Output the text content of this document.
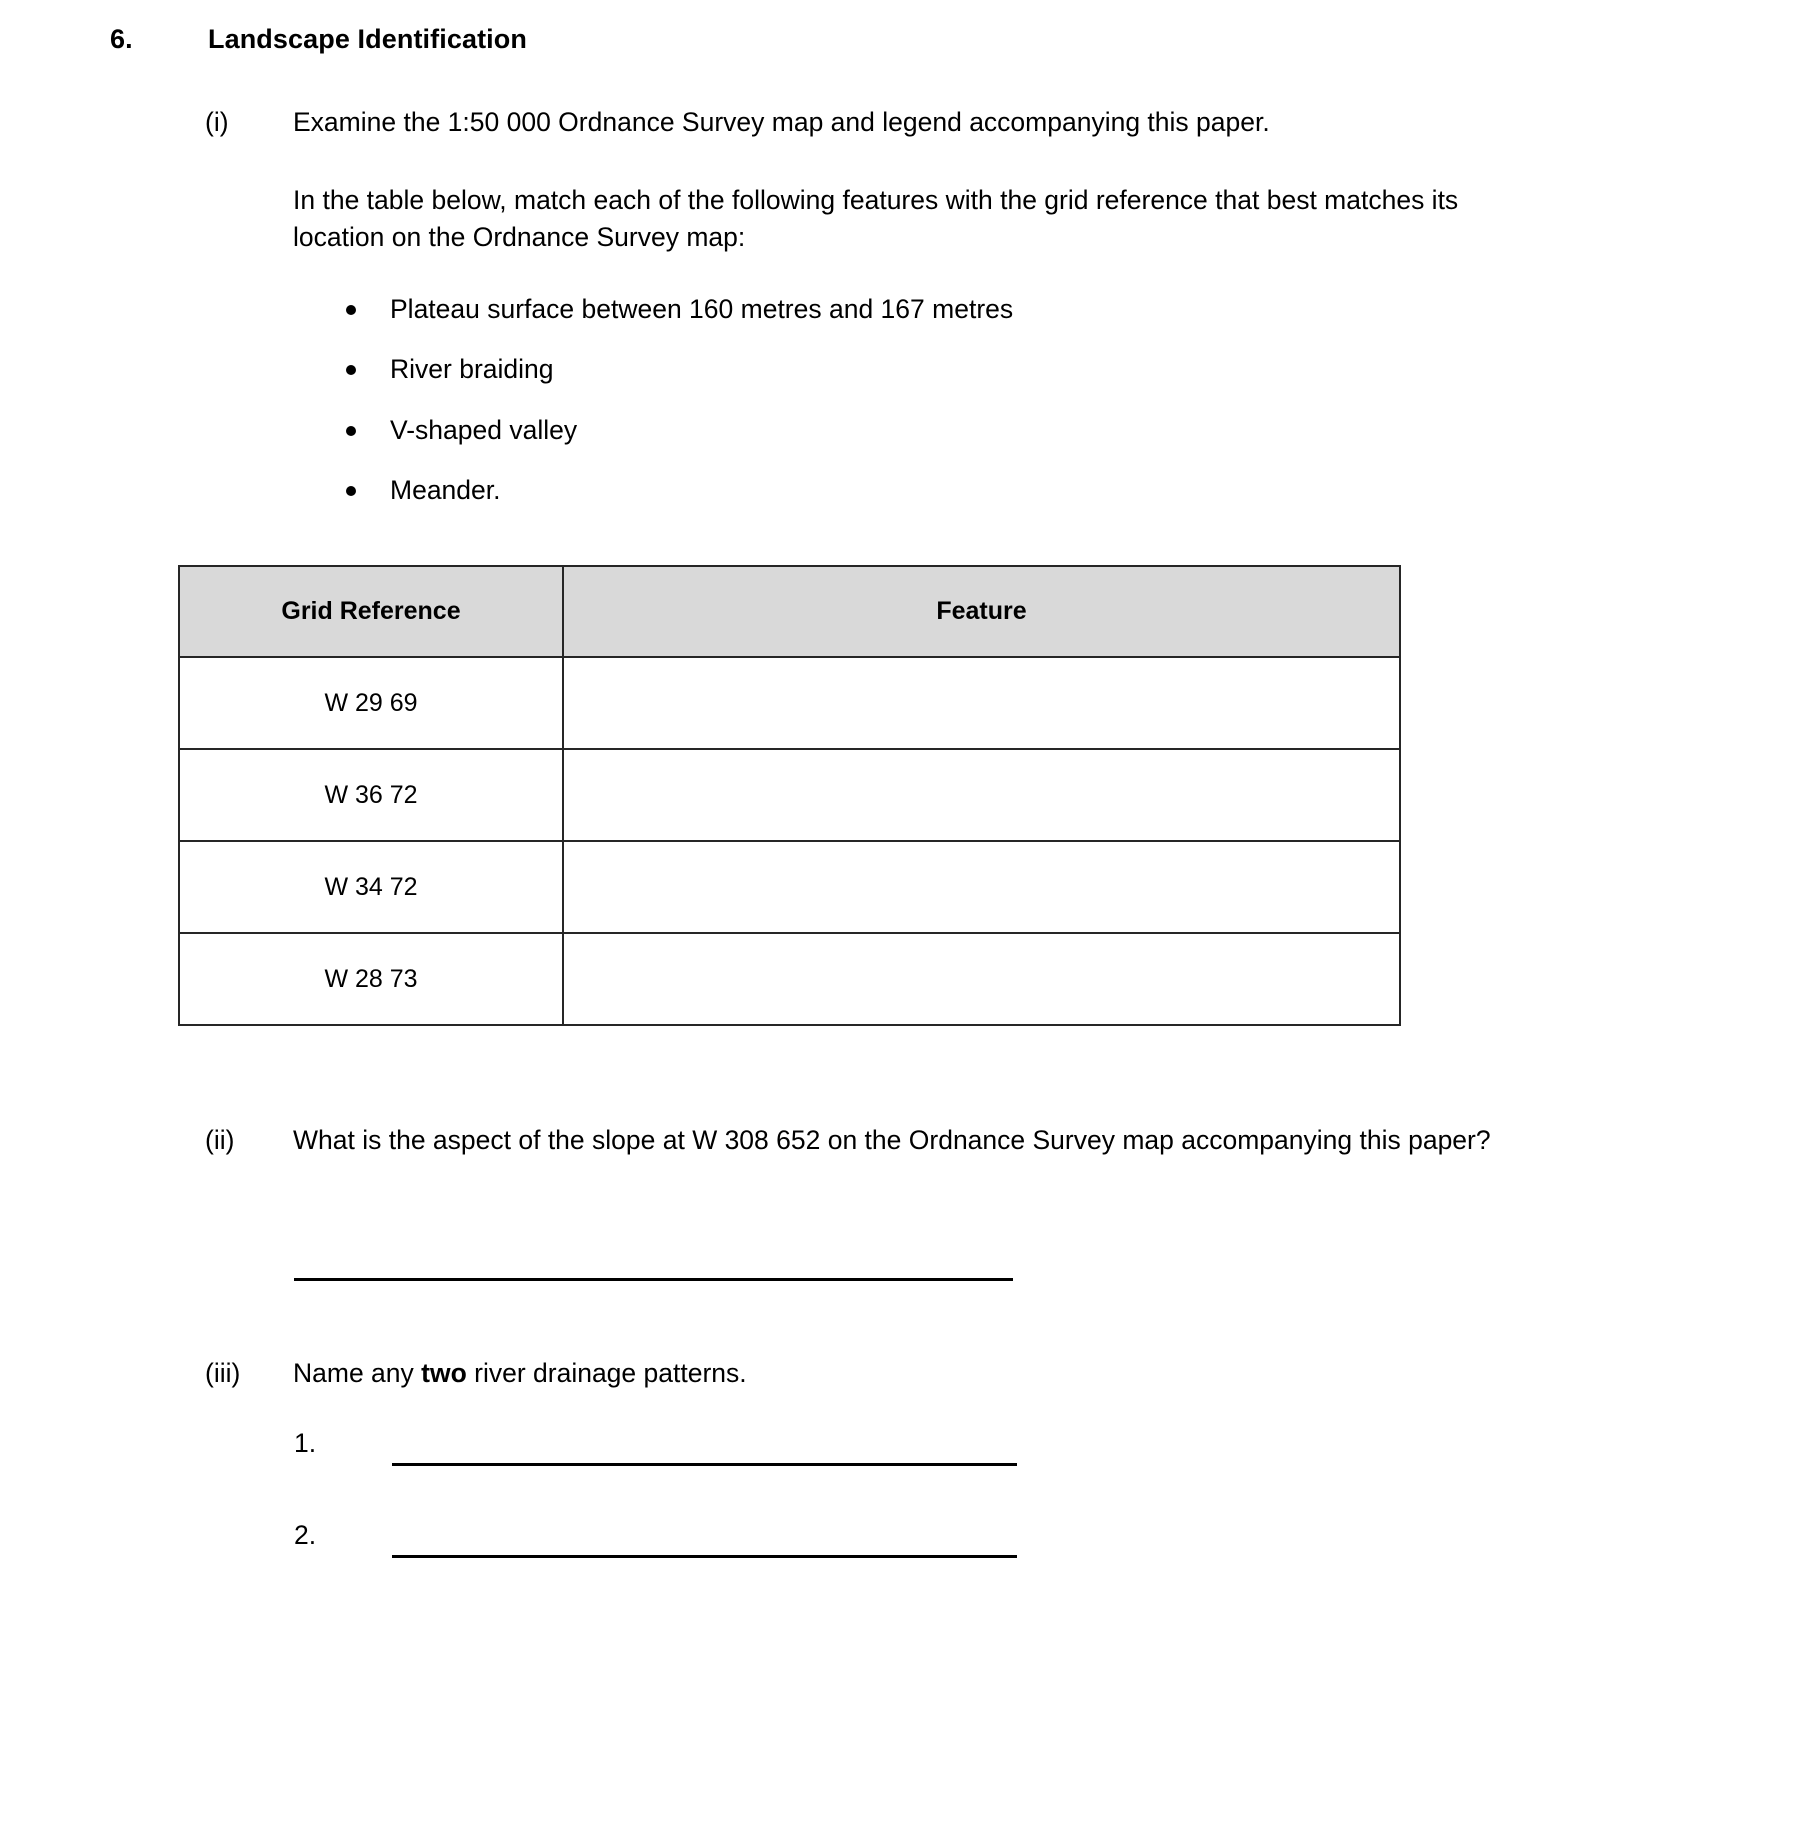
6.	Landscape Identification
(i)	Examine the 1:50 000 Ordnance Survey map and legend accompanying this paper.

In the table below, match each of the following features with the grid reference that best matches its location on the Ordnance Survey map:

Plateau surface between 160 metres and 167 metres
River braiding
V-shaped valley
Meander.
Grid Reference	Feature
W 29 69	
W 36 72	
W 34 72	
W 28 73	
(ii)	What is the aspect of the slope at W 308 652 on the Ordnance Survey map accompanying this paper?

(iii)	Name any two river drainage patterns.

1.
2.
